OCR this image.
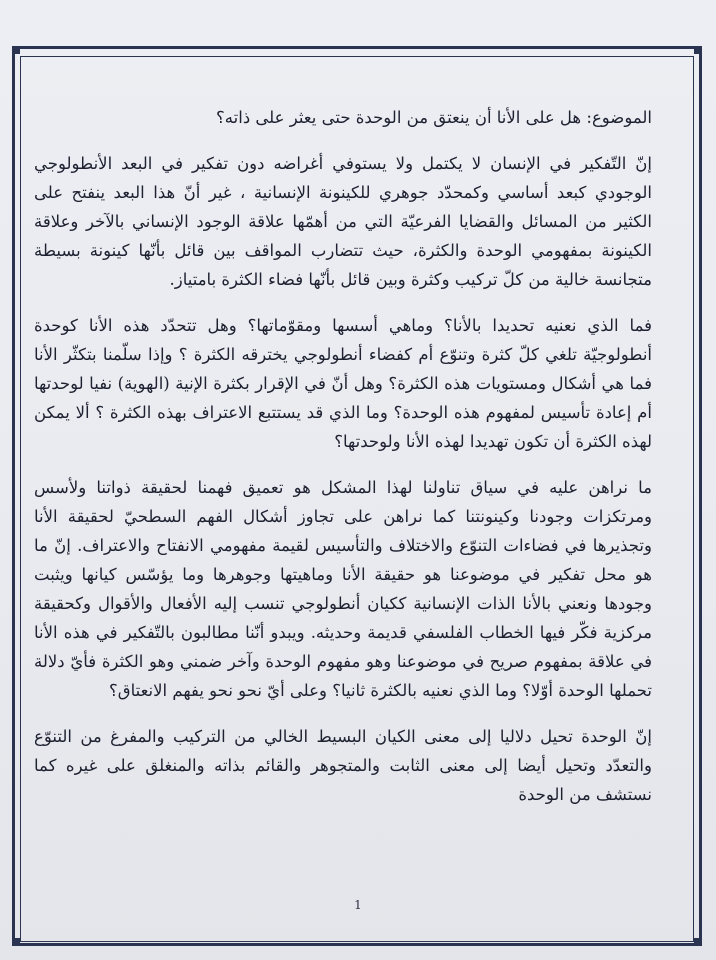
الموضوع: هل على الأنا أن ينعتق من الوحدة حتى يعثر على ذاته؟

إنّ التّفكير في الإنسان لا يكتمل ولا يستوفي أغراضه دون تفكير في البعد الأنطولوجي الوجودي كبعد أساسي وكمحدّد جوهري للكينونة الإنسانية ، غير أنّ هذا البعد ينفتح على الكثير من المسائل والقضايا الفرعيّة التي من أهمّها علاقة الوجود الإنساني بالآخر وعلاقة الكينونة بمفهومي الوحدة والكثرة، حيث تتضارب المواقف بين قائل بأنّها كينونة بسيطة متجانسة خالية من كلّ تركيب وكثرة وبين قائل بأنّها فضاء الكثرة بامتياز.

فما الذي نعنيه تحديدا بالأنا؟ وماهي أسسها ومقوّماتها؟ وهل تتحدّد هذه الأنا كوحدة أنطولوجيّة تلغي كلّ كثرة وتنوّع أم كفضاء أنطولوجي يخترقه الكثرة ؟ وإذا سلّمنا بتكثّر الأنا فما هي أشكال ومستويات هذه الكثرة؟ وهل أنّ في الإقرار بكثرة الإنية (الهوية) نفيا لوحدتها أم إعادة تأسيس لمفهوم هذه الوحدة؟ وما الذي قد يستتبع الاعتراف بهذه الكثرة ؟ ألا يمكن لهذه الكثرة أن تكون تهديدا لهذه الأنا ولوحدتها؟

ما نراهن عليه في سياق تناولنا لهذا المشكل هو تعميق فهمنا لحقيقة ذواتنا ولأسس ومرتكزات وجودنا وكينونتنا كما نراهن على تجاوز أشكال الفهم السطحيّ لحقيقة الأنا وتجذيرها في فضاءات التنوّع والاختلاف والتأسيس لقيمة مفهومي الانفتاح والاعتراف. إنّ ما هو محل تفكير في موضوعنا هو حقيقة الأنا وماهيتها وجوهرها وما يؤسّس كيانها ويثبت وجودها ونعني بالأنا الذات الإنسانية ككيان أنطولوجي تنسب إليه الأفعال والأقوال وكحقيقة مركزية فكّر فيها الخطاب الفلسفي قديمة وحديثه. ويبدو أنّنا مطالبون بالتّفكير في هذه الأنا في علاقة بمفهوم صريح في موضوعنا وهو مفهوم الوحدة وآخر ضمني وهو الكثرة فأيّ دلالة تحملها الوحدة أوّلا؟ وما الذي نعنيه بالكثرة ثانيا؟ وعلى أيّ نحو نحو يفهم الانعتاق؟

إنّ الوحدة تحيل دلاليا إلى معنى الكيان البسيط الخالي من التركيب والمفرغ من التنوّع والتعدّد وتحيل أيضا إلى معنى الثابت والمتجوهر والقائم بذاته والمنغلق على غيره كما نستشف من الوحدة

1
